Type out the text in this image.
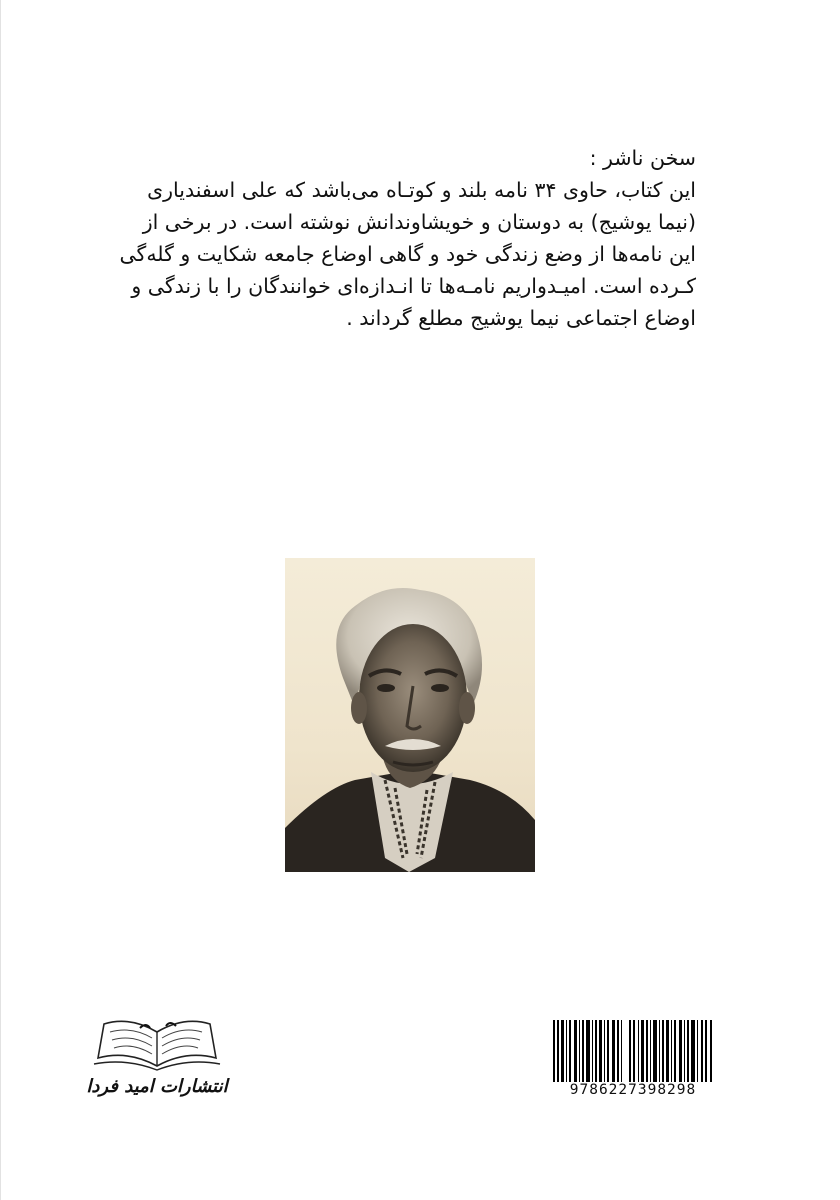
سخن ناشر :
این کتاب، حاوی ۳۴ نامه بلند و کوتـاه می‌باشد که علی اسفندیاری
(نیما یوشیج) به دوستان و خویشاوندانش نوشته است. در برخی از
این نامه‌ها از وضع زندگی خود و گاهی اوضاع جامعه شکایت و گله‌گی
کـرده است. امیـدواریم نامـه‌ها تا انـدازه‌ای خوانندگان را با زندگی و
اوضاع اجتماعی نیما یوشیج مطلع گرداند .
انتشارات امید فردا	9786227398298
